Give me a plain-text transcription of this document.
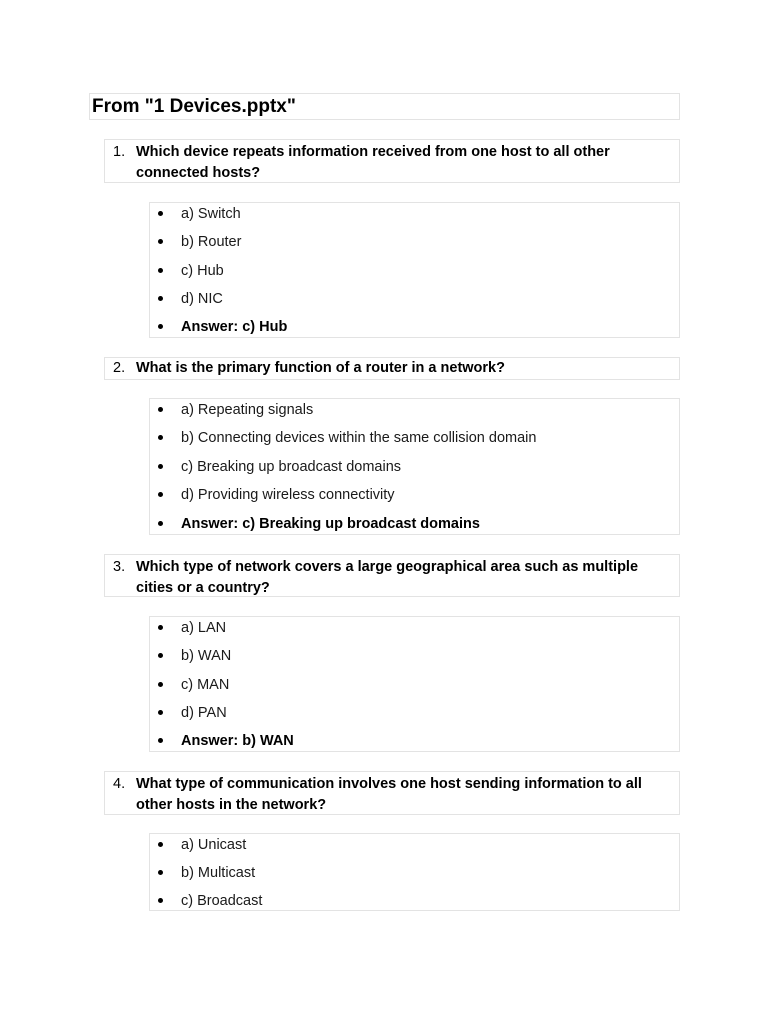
From "1 Devices.pptx"
1. Which device repeats information received from one host to all other connected hosts?
a) Switch
b) Router
c) Hub
d) NIC
Answer: c) Hub
2. What is the primary function of a router in a network?
a) Repeating signals
b) Connecting devices within the same collision domain
c) Breaking up broadcast domains
d) Providing wireless connectivity
Answer: c) Breaking up broadcast domains
3. Which type of network covers a large geographical area such as multiple cities or a country?
a) LAN
b) WAN
c) MAN
d) PAN
Answer: b) WAN
4. What type of communication involves one host sending information to all other hosts in the network?
a) Unicast
b) Multicast
c) Broadcast
